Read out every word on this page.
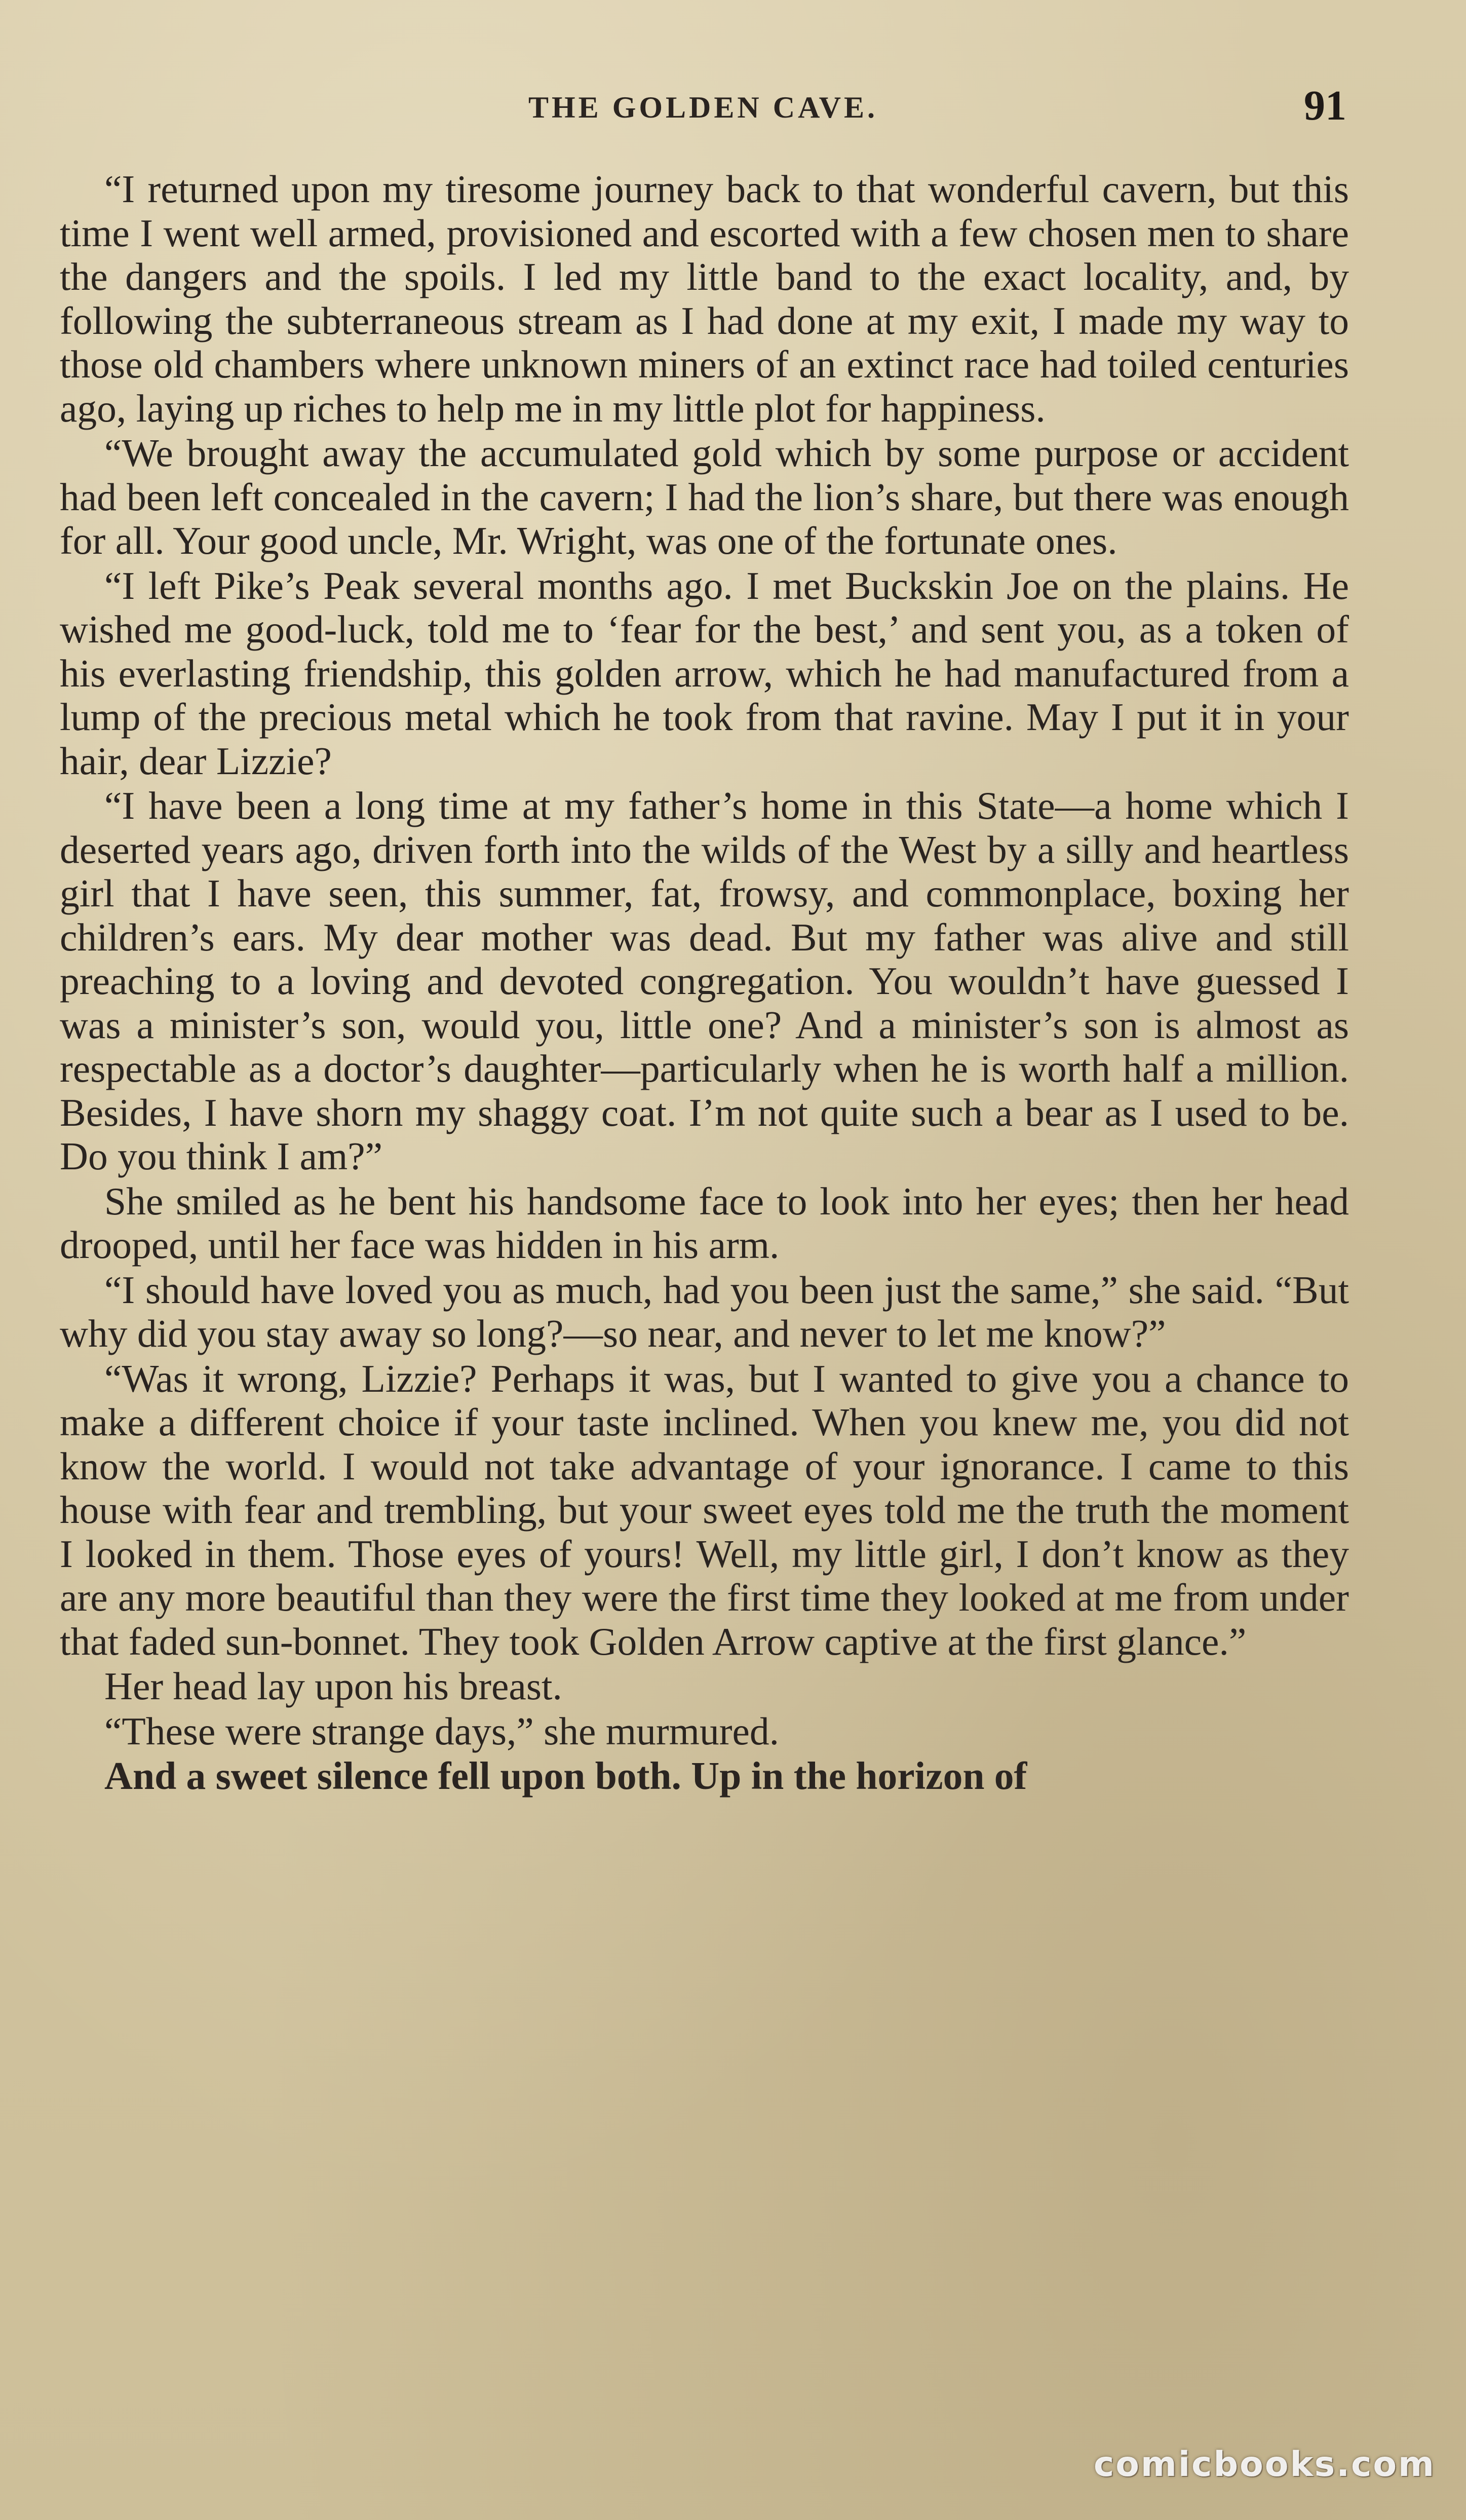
THE GOLDEN CAVE.	91

“I returned upon my tiresome journey back to that wonderful cavern, but this time I went well armed, provisioned and escorted with a few chosen men to share the dangers and the spoils. I led my little band to the exact locality, and, by following the subterraneous stream as I had done at my exit, I made my way to those old chambers where unknown miners of an extinct race had toiled centuries ago, laying up riches to help me in my little plot for happiness.

“We brought away the accumulated gold which by some purpose or accident had been left concealed in the cavern; I had the lion’s share, but there was enough for all. Your good uncle, Mr. Wright, was one of the fortunate ones.

“I left Pike’s Peak several months ago. I met Buckskin Joe on the plains. He wished me good-luck, told me to ‘fear for the best,’ and sent you, as a token of his everlasting friendship, this golden arrow, which he had manufactured from a lump of the precious metal which he took from that ravine. May I put it in your hair, dear Lizzie?

“I have been a long time at my father’s home in this State—a home which I deserted years ago, driven forth into the wilds of the West by a silly and heartless girl that I have seen, this summer, fat, frowsy, and commonplace, boxing her children’s ears. My dear mother was dead. But my father was alive and still preaching to a loving and devoted congregation. You wouldn’t have guessed I was a minister’s son, would you, little one? And a minister’s son is almost as respectable as a doctor’s daughter—particularly when he is worth half a million. Besides, I have shorn my shaggy coat. I’m not quite such a bear as I used to be. Do you think I am?”

She smiled as he bent his handsome face to look into her eyes; then her head drooped, until her face was hidden in his arm.

“I should have loved you as much, had you been just the same,” she said. “But why did you stay away so long?—so near, and never to let me know?”

“Was it wrong, Lizzie? Perhaps it was, but I wanted to give you a chance to make a different choice if your taste inclined. When you knew me, you did not know the world. I would not take advantage of your ignorance. I came to this house with fear and trembling, but your sweet eyes told me the truth the moment I looked in them. Those eyes of yours! Well, my little girl, I don’t know as they are any more beautiful than they were the first time they looked at me from under that faded sun-bonnet. They took Golden Arrow captive at the first glance.”

Her head lay upon his breast.

“These were strange days,” she murmured.

And a sweet silence fell upon both. Up in the horizon of

comicbooks.com
